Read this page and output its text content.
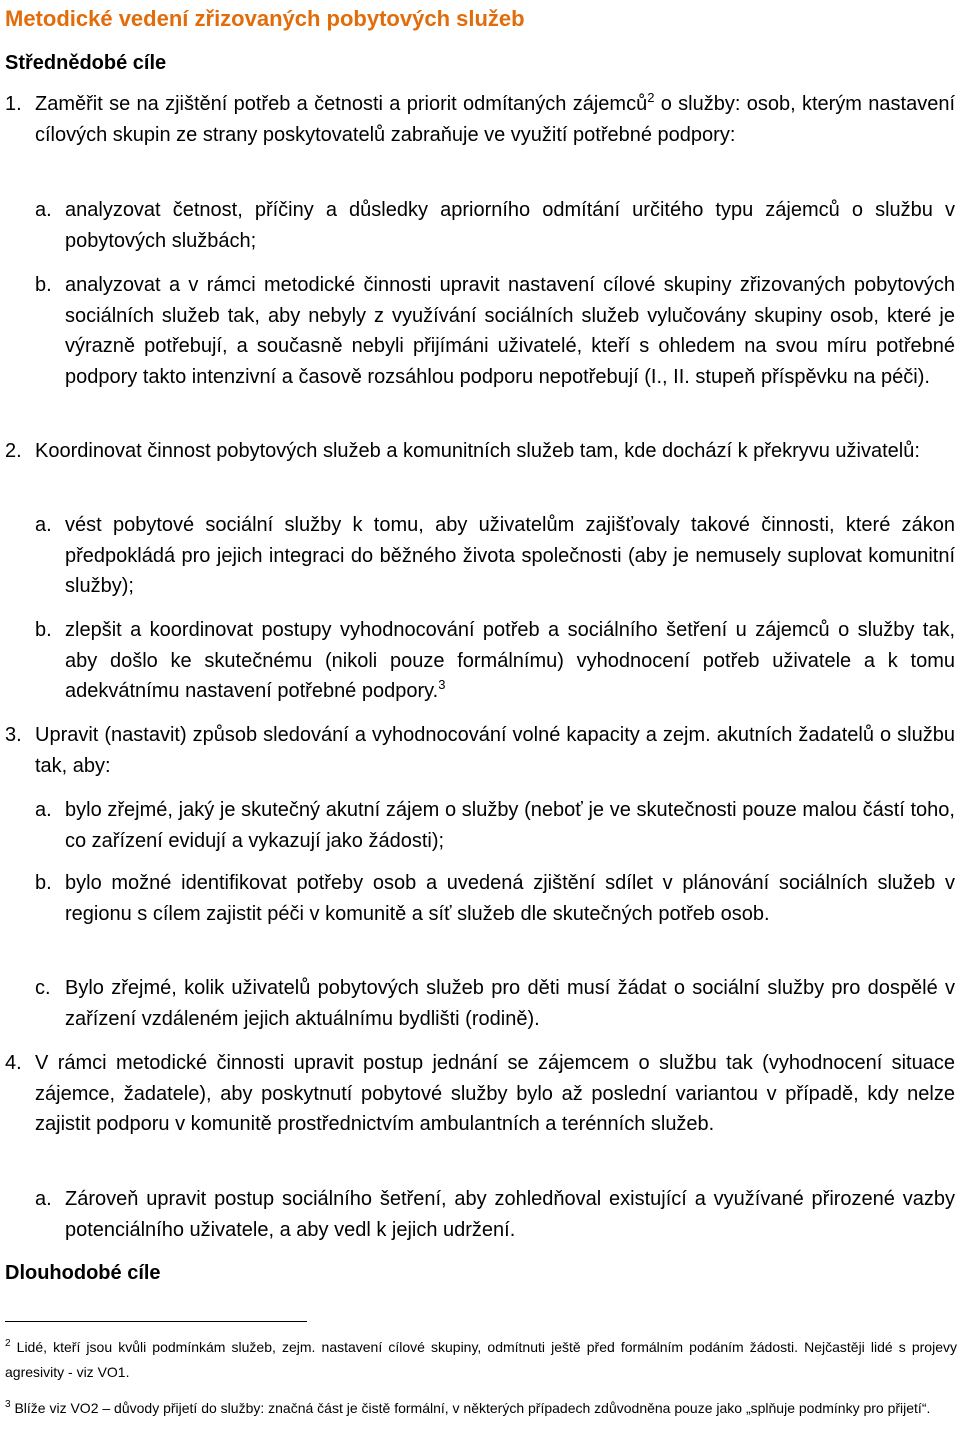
Metodické vedení zřizovaných pobytových služeb
Střednědobé cíle
1. Zaměřit se na zjištění potřeb a četnosti a priorit odmítaných zájemců$^2$ o služby: osob, kterým nastavení cílových skupin ze strany poskytovatelů zabraňuje ve využití potřebné podpory:
a. analyzovat četnost, příčiny a důsledky apriorního odmítání určitého typu zájemců o službu v pobytových službách;
b. analyzovat a v rámci metodické činnosti upravit nastavení cílové skupiny zřizovaných pobytových sociálních služeb tak, aby nebyly z využívání sociálních služeb vylučovány skupiny osob, které je výrazně potřebují, a současně nebyli přijímáni uživatelé, kteří s ohledem na svou míru potřebné podpory takto intenzivní a časově rozsáhlou podporu nepotřebují (I., II. stupeň příspěvku na péči).
2. Koordinovat činnost pobytových služeb a komunitních služeb tam, kde dochází k překryvu uživatelů:
a. vést pobytové sociální služby k tomu, aby uživatelům zajišťovaly takové činnosti, které zákon předpokládá pro jejich integraci do běžného života společnosti (aby je nemusely suplovat komunitní služby);
b. zlepšit a koordinovat postupy vyhodnocování potřeb a sociálního šetření u zájemců o služby tak, aby došlo ke skutečnému (nikoli pouze formálnímu) vyhodnocení potřeb uživatele a k tomu adekvátnímu nastavení potřebné podpory.$^3$
3. Upravit (nastavit) způsob sledování a vyhodnocování volné kapacity a zejm. akutních žadatelů o službu tak, aby:
a. bylo zřejmé, jaký je skutečný akutní zájem o služby (neboť je ve skutečnosti pouze malou částí toho, co zařízení evidují a vykazují jako žádosti);
b. bylo možné identifikovat potřeby osob a uvedená zjištění sdílet v plánování sociálních služeb v regionu s cílem zajistit péči v komunitě a síť služeb dle skutečných potřeb osob.
c. Bylo zřejmé, kolik uživatelů pobytových služeb pro děti musí žádat o sociální služby pro dospělé v zařízení vzdáleném jejich aktuálnímu bydlišti (rodině).
4. V rámci metodické činnosti upravit postup jednání se zájemcem o službu tak (vyhodnocení situace zájemce, žadatele), aby poskytnutí pobytové služby bylo až poslední variantou v případě, kdy nelze zajistit podporu v komunitě prostřednictvím ambulantních a terénních služeb.
a. Zároveň upravit postup sociálního šetření, aby zohledňoval existující a využívané přirozené vazby potenciálního uživatele, a aby vedl k jejich udržení.
Dlouhodobé cíle
$^2$ Lidé, kteří jsou kvůli podmínkám služeb, zejm. nastavení cílové skupiny, odmítnuti ještě před formálním podáním žádosti. Nejčastěji lidé s projevy agresivity - viz VO1.
$^3$ Blíže viz VO2 – důvody přijetí do služby: značná část je čistě formální, v některých případech zdůvodněna pouze jako „splňuje podmínky pro přijetí“.
